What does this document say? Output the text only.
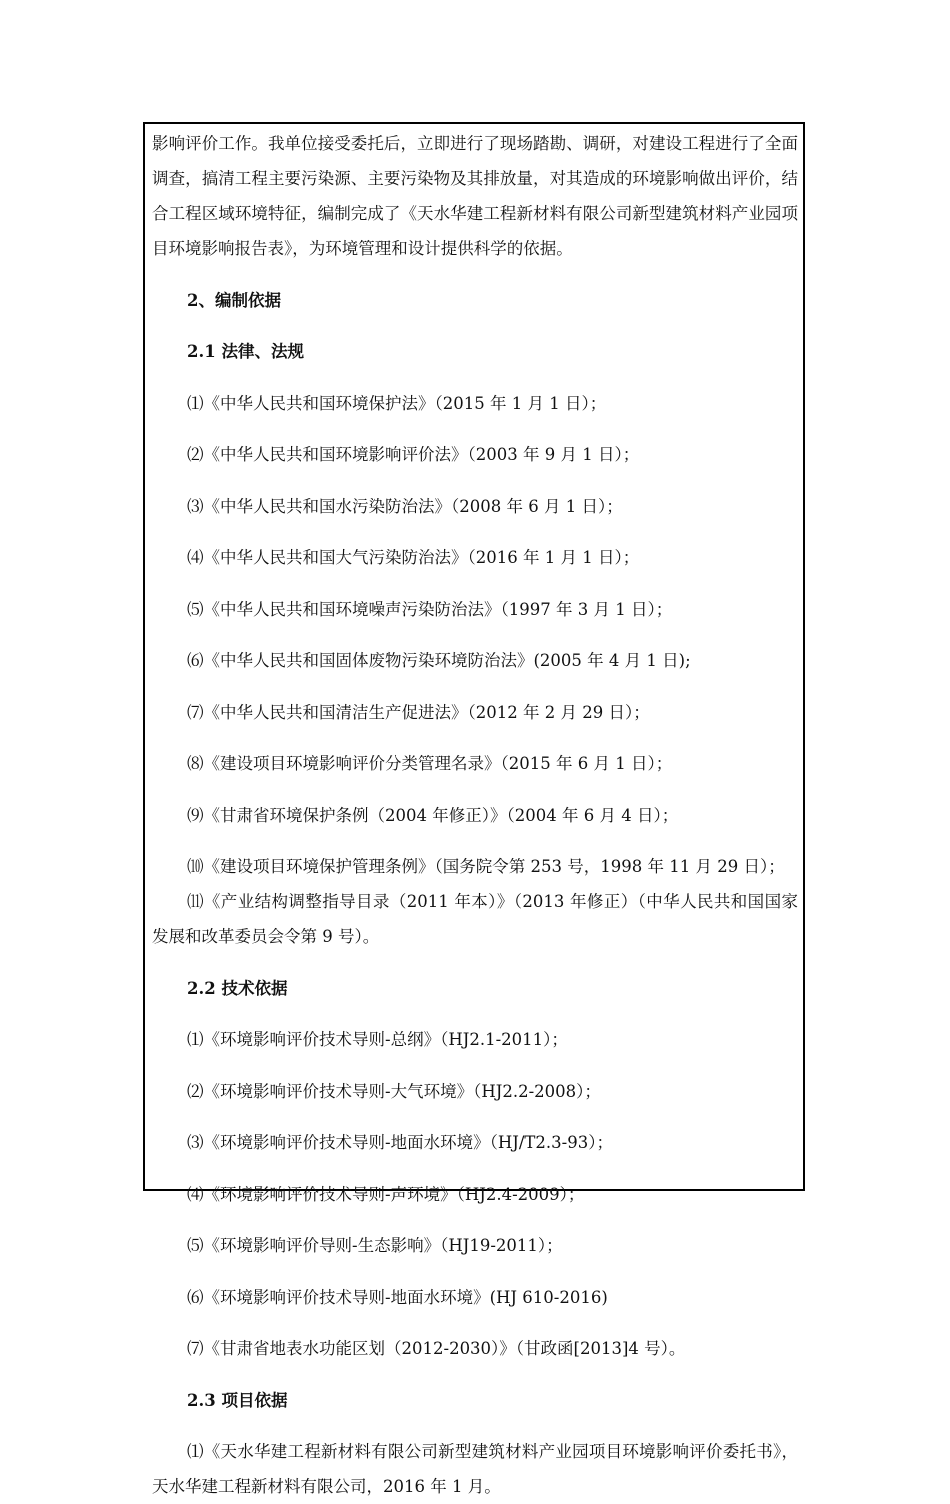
影响评价工作。我单位接受委托后，立即进行了现场踏勘、调研，对建设工程进行了全面调查，搞清工程主要污染源、主要污染物及其排放量，对其造成的环境影响做出评价，结合工程区域环境特征，编制完成了《天水华建工程新材料有限公司新型建筑材料产业园项目环境影响报告表》，为环境管理和设计提供科学的依据。

2、编制依据

2.1 法律、法规

⑴《中华人民共和国环境保护法》（2015 年 1 月 1 日）；

⑵《中华人民共和国环境影响评价法》（2003 年 9 月 1 日）；

⑶《中华人民共和国水污染防治法》（2008 年 6 月 1 日）；

⑷《中华人民共和国大气污染防治法》（2016 年 1 月 1 日）；

⑸《中华人民共和国环境噪声污染防治法》（1997 年 3 月 1 日）；

⑹《中华人民共和国固体废物污染环境防治法》(2005 年 4 月 1 日);

⑺《中华人民共和国清洁生产促进法》（2012 年 2 月 29 日）；

⑻《建设项目环境影响评价分类管理名录》（2015 年 6 月 1 日）；

⑼《甘肃省环境保护条例（2004 年修正）》（2004 年 6 月 4 日）；

⑽《建设项目环境保护管理条例》（国务院令第 253 号，1998 年 11 月 29 日）；

⑾《产业结构调整指导目录（2011 年本）》（2013 年修正）（中华人民共和国国家发展和改革委员会令第 9 号）。

2.2 技术依据

⑴《环境影响评价技术导则-总纲》（HJ2.1-2011）；

⑵《环境影响评价技术导则-大气环境》（HJ2.2-2008）；

⑶《环境影响评价技术导则-地面水环境》（HJ/T2.3-93）；

⑷《环境影响评价技术导则-声环境》（HJ2.4-2009）；

⑸《环境影响评价导则-生态影响》（HJ19-2011）；

⑹《环境影响评价技术导则-地面水环境》(HJ 610-2016)

⑺《甘肃省地表水功能区划（2012-2030）》（甘政函[2013]4 号）。

2.3 项目依据

⑴《天水华建工程新材料有限公司新型建筑材料产业园项目环境影响评价委托书》，天水华建工程新材料有限公司，2016 年 1 月。
